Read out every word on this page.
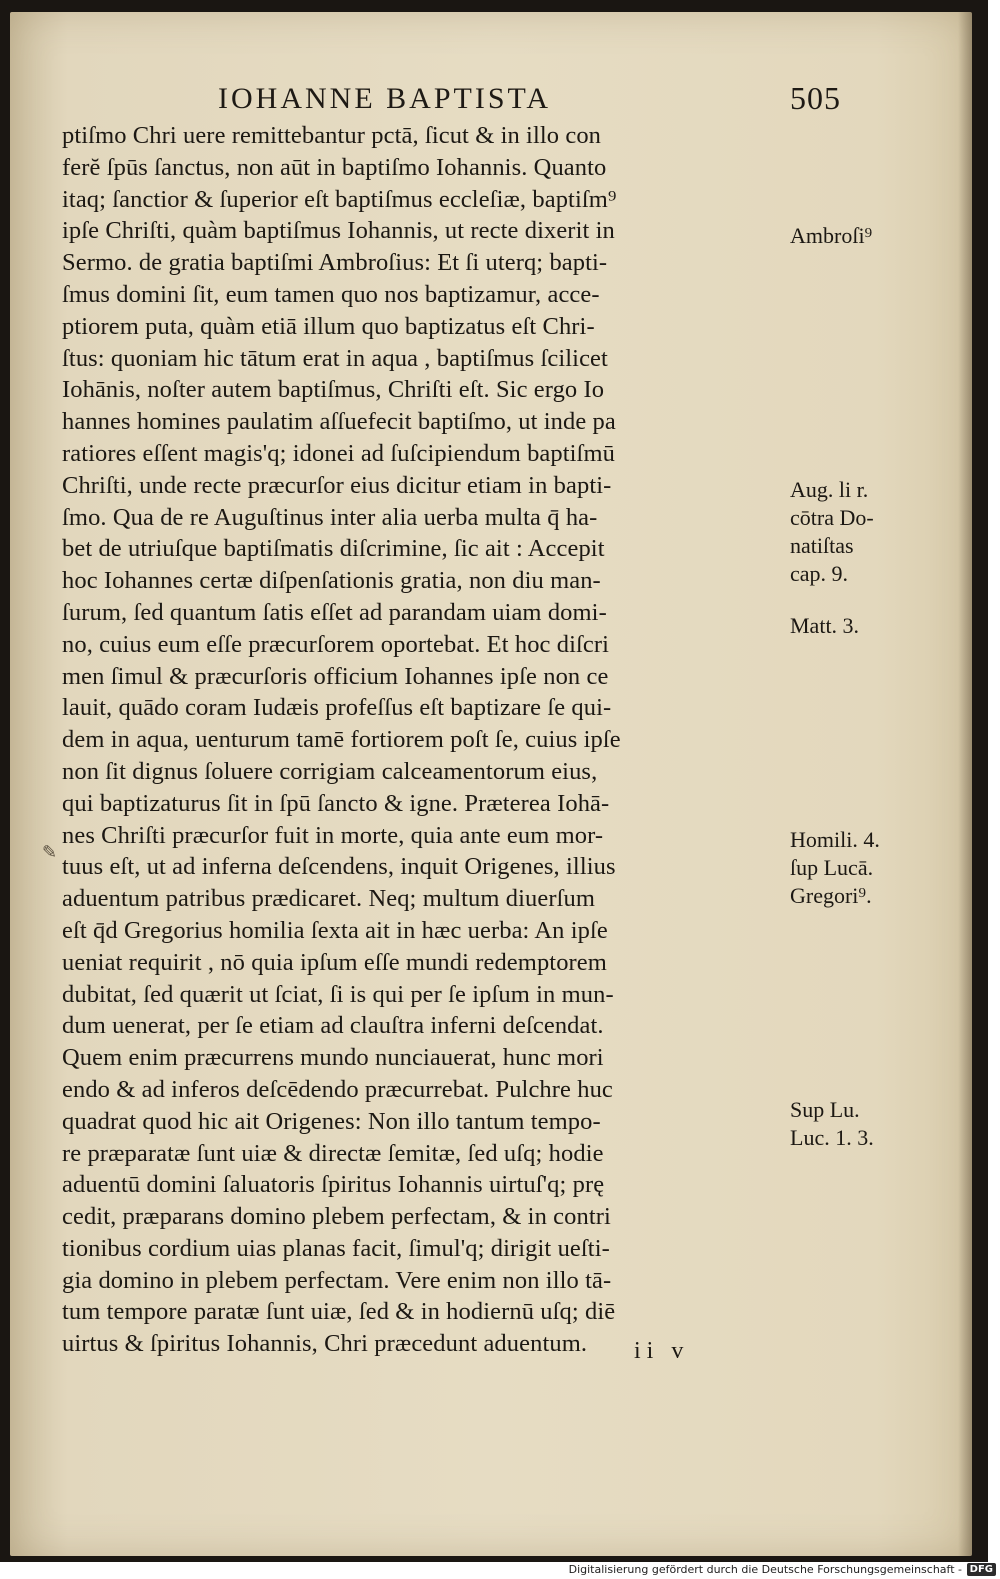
IOHANNE BAPTISTA	505
ptiſmo Chri uere remittebantur pctā, ſicut & in illo con
ferĕ ſpūs ſanctus, non aūt in baptiſmo Iohannis. Quanto
itaq; ſanctior & ſuperior eſt baptiſmus eccleſiæ, baptiſm⁹
ipſe Chriſti, quàm baptiſmus Iohannis, ut recte dixerit in
Sermo. de gratia baptiſmi Ambroſius: Et ſi uterq; bapti-
ſmus domini ſit, eum tamen quo nos baptizamur, acce-
ptiorem puta, quàm etiā illum quo baptizatus eſt Chri-
ſtus: quoniam hic tātum erat in aqua , baptiſmus ſcilicet
Iohānis, noſter autem baptiſmus, Chriſti eſt. Sic ergo Io
hannes homines paulatim aſſuefecit baptiſmo, ut inde pa
ratiores eſſent magis'q; idonei ad ſuſcipiendum baptiſmū
Chriſti, unde recte præcurſor eius dicitur etiam in bapti-
ſmo. Qua de re Auguſtinus inter alia uerba multa q̄ ha-
bet de utriuſque baptiſmatis diſcrimine, ſic ait : Accepit
hoc Iohannes certæ diſpenſationis gratia, non diu man-
ſurum, ſed quantum ſatis eſſet ad parandam uiam domi-
no, cuius eum eſſe præcurſorem oportebat. Et hoc diſcri
men ſimul & præcurſoris officium Iohannes ipſe non ce
lauit, quādo coram Iudæis profeſſus eſt baptizare ſe qui-
dem in aqua, uenturum tamē fortiorem poſt ſe, cuius ipſe
non ſit dignus ſoluere corrigiam calceamentorum eius,
qui baptizaturus ſit in ſpū ſancto & igne. Præterea Iohā-
nes Chriſti præcurſor fuit in morte, quia ante eum mor-
tuus eſt, ut ad inferna deſcendens, inquit Origenes, illius
aduentum patribus prædicaret. Neq; multum diuerſum
eſt q̄d Gregorius homilia ſexta ait in hæc uerba: An ipſe
ueniat requirit , nō quia ipſum eſſe mundi redemptorem
dubitat, ſed quærit ut ſciat, ſi is qui per ſe ipſum in mun-
dum uenerat, per ſe etiam ad clauſtra inferni deſcendat.
Quem enim præcurrens mundo nunciauerat, hunc mori
endo & ad inferos deſcēdendo præcurrebat. Pulchre huc
quadrat quod hic ait Origenes: Non illo tantum tempo-
re præparatæ ſunt uiæ & directæ ſemitæ, ſed uſq; hodie
aduentū domini ſaluatoris ſpiritus Iohannis uirtuſ'q; prę
cedit, præparans domino plebem perfectam, & in contri
tionibus cordium uias planas facit, ſimul'q; dirigit ueſti-
gia domino in plebem perfectam. Vere enim non illo tā-
tum tempore paratæ ſunt uiæ, ſed & in hodiernū uſq; diē
uirtus & ſpiritus Iohannis, Chri præcedunt aduentum.
Ambroſi⁹
Aug. li r.
cōtra Do-
natiſtas
cap. 9.
Matt. 3.
Homili. 4.
ſup Lucā.
Gregori⁹.
Sup Lu.
Luc. 1. 3.
✎
ii v
Digitalisierung gefördert durch die Deutsche Forschungsgemeinschaft - DFG
